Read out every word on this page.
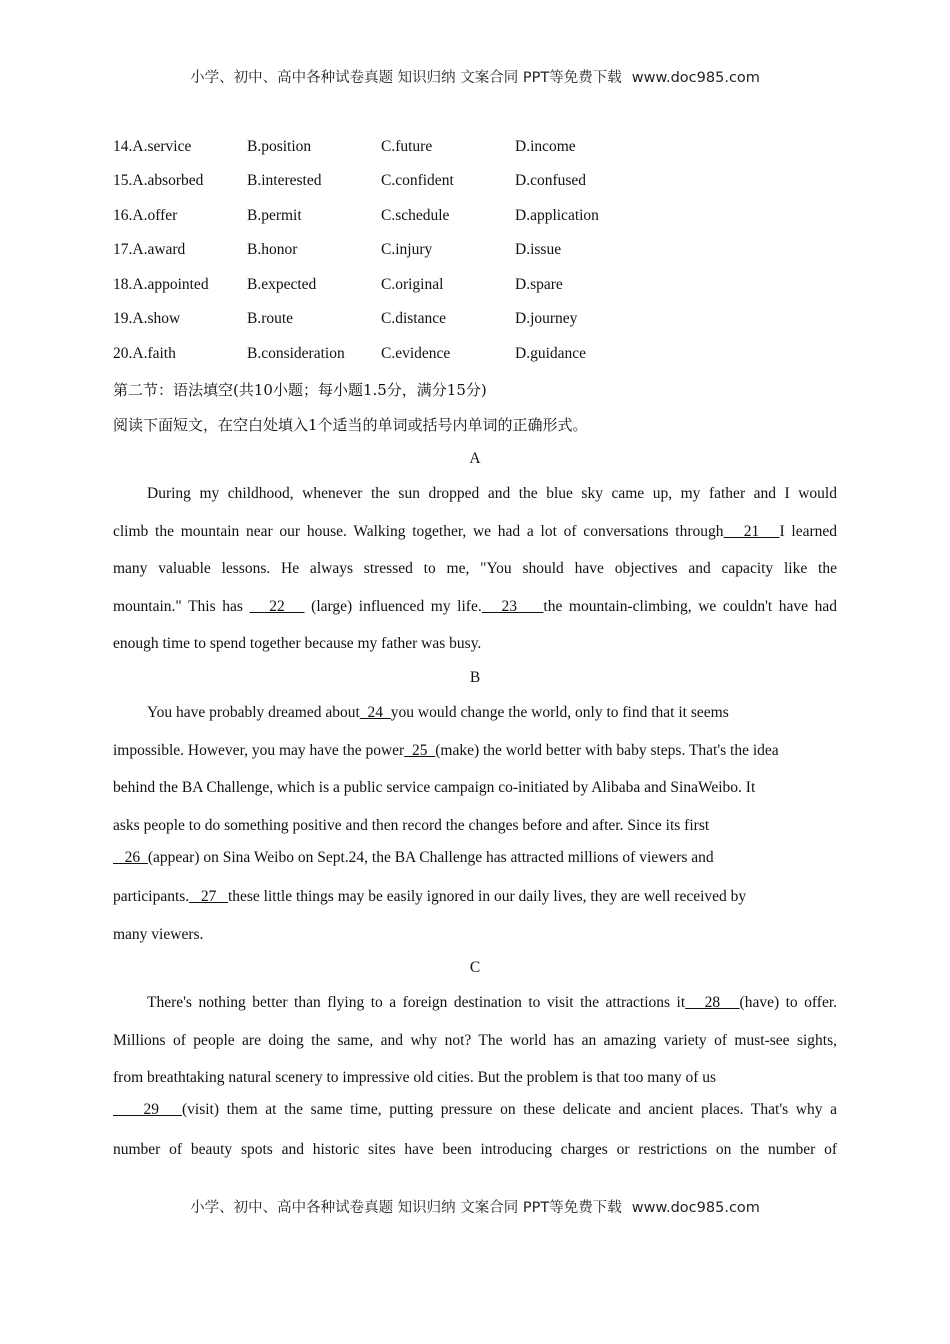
小学、初中、高中各种试卷真题 知识归纳 文案合同 PPT等免费下载 www.doc985.com
14.A.service	B.position	C.future	D.income
15.A.absorbed	B.interested	C.confident	D.confused
16.A.offer	B.permit	C.schedule	D.application
17.A.award	B.honor	C.injury	D.issue
18.A.appointed B.expected	C.original	D.spare
19.A.show	B.route	C.distance	D.journey
20.A.faith	B.consideration C.evidence	D.guidance
第二节：语法填空(共10小题；每小题1.5分，满分15分)
阅读下面短文，在空白处填入1个适当的单词或括号内单词的正确形式。
A
During my childhood, whenever the sun dropped and the blue sky came up, my father and I would
climb the mountain near our house. Walking together, we had a lot of conversations through   21   I learned
many valuable lessons. He always stressed to me, "You should have objectives and capacity like the
mountain." This has    22    (large) influenced my life.   23    the mountain-climbing, we couldn't have had
enough time to spend together because my father was busy.
B
You have probably dreamed about  24  you would change the world, only to find that it seems
impossible. However, you may have the power  25  (make) the world better with baby steps. That's the idea
behind the BA Challenge, which is a public service campaign co-initiated by Alibaba and SinaWeibo. It
asks people to do something positive and then record the changes before and after. Since its first
26  (appear) on Sina Weibo on Sept.24, the BA Challenge has attracted millions of viewers and
participants.   27   these little things may be easily ignored in our daily lives, they are well received by
many viewers.
C
There's nothing better than flying to a foreign destination to visit the attractions it   28   (have) to offer.
Millions of people are doing the same, and why not? The world has an amazing variety of must-see sights,
from breathtaking natural scenery to impressive old cities. But the problem is that too many of us
29   (visit) them at the same time, putting pressure on these delicate and ancient places. That's why a
number of beauty spots and historic sites have been introducing charges or restrictions on the number of
小学、初中、高中各种试卷真题 知识归纳 文案合同 PPT等免费下载 www.doc985.com
